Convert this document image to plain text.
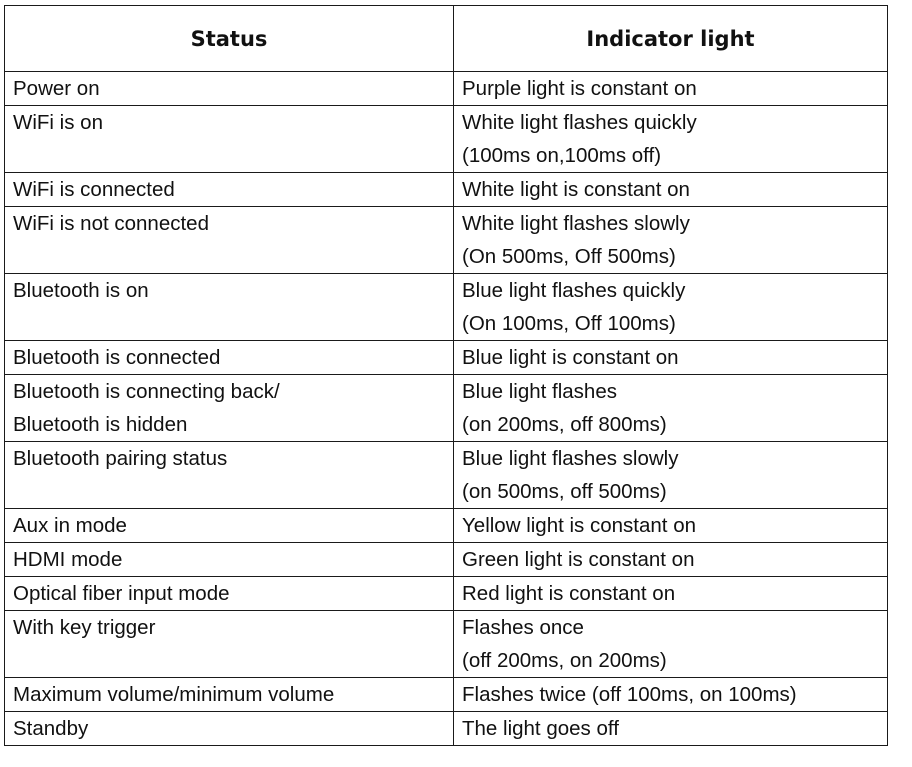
Status	Indicator light
Power on	Purple light is constant on
WiFi is on	White light flashes quickly
(100ms on,100ms off)
WiFi is connected	White light is constant on
WiFi is not connected	White light flashes slowly
(On 500ms, Off 500ms)
Bluetooth is on	Blue light flashes quickly
(On 100ms, Off 100ms)
Bluetooth is connected	Blue light is constant on
Bluetooth is connecting back/
Bluetooth is hidden	Blue light flashes
(on 200ms, off 800ms)
Bluetooth pairing status	Blue light flashes slowly
(on 500ms, off 500ms)
Aux in mode	Yellow light is constant on
HDMI mode	Green light is constant on
Optical fiber input mode	Red light is constant on
With key trigger	Flashes once
(off 200ms, on 200ms)
Maximum volume/minimum volume	Flashes twice (off 100ms, on 100ms)
Standby	The light goes off
